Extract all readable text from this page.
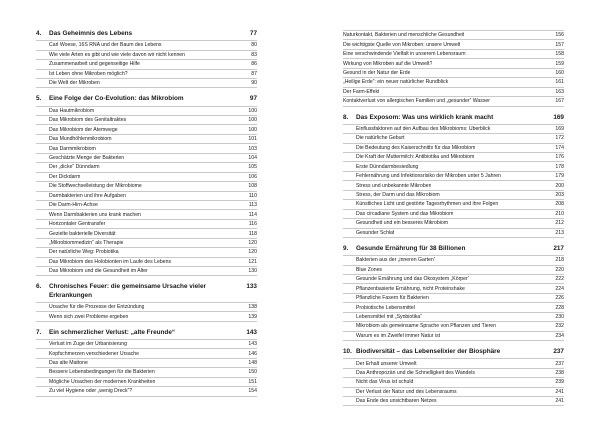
4.	Das Geheimnis des Lebens	77
Carl Woese, 16S RNA und der Baum des Lebens	80
Wie viele Arten es gibt und wie viele davon wir nicht kennen	83
Zusammenarbeit und gegenseitige Hilfe	86
Ist Leben ohne Mikroben möglich?	87
Die Welt der Mikroben	90
5.	Eine Folge der Co-Evolution: das Mikrobiom	97
Das Hautmikrobiom	100
Das Mikrobiom des Genitaltraktes	100
Das Mikrobiom der Atemwege	100
Das Mundhöhlenmikrobiom	101
Das Darmmikrobiom	103
Geschätzte Menge der Bakterien	104
Der „dicke“ Dünndarm	105
Der Dickdarm	106
Die Stoffwechselleistung der Mikrobiome	108
Darmbakterien und ihre Aufgaben	110
Die Darm-Hirn-Achse	113
Wenn Darmbakterien uns krank machen	114
Horizontaler Gentransfer	116
Gezielte bakterielle Diversität	118
„Mikrobiommedizin“ als Therapie	120
Der natürliche Weg: Probiotika	120
Das Mikrobiom des Holobionten im Laufe des Lebens	121
Das Mikrobiom und die Gesundheit im Alter	130
6.	Chronisches Feuer: die gemeinsame Ursache vieler Erkrankungen
133
Ursache für die Prozesse der Entzündung	138
Wenn sich zwei Probleme ergeben	139
7.	Ein schmerzlicher Verlust: „alte Freunde“	143
Verlust im Zuge der Urbanisierung	143
Kopfschmerzen verschiedener Ursache	146
Das alte Mattone	148
Bessere Lebensbedingungen für die Bakterien	150
Mögliche Ursachen der modernen Krankheiten	151
Zu viel Hygiene oder „wenig Dreck“?	154
Naturkontakt, Bakterien und menschliche Gesundheit	156
Die wichtigste Quelle von Mikroben: unsere Umwelt	157
Eine verschwindende Vielfalt in unserem Lebensraum	158
Wirkung von Mikroben auf die Umwelt?	159
Gesund in der Natur der Erde	160
„Heilige Erde“: ein neuer natürlicher Rundblick	161
Der Farm-Effekt	163
Kontaktverlust von allergischen Familien und „gesunder“ Wasser	167
8.	Das Exposom: Was uns wirklich krank macht	169
Einflussfaktoren auf den Aufbau des Mikrobioms: Überblick	169
Die natürliche Geburt	172
Die Bedeutung des Kaiserschnitts für das Mikrobiom	174
Die Kraft der Muttermilch: Antibiotika und Mikrobiom	176
Erste Dünndarmbesiedlung	178
Fehlernährung und Infektionsrisiko der Mikroben unter 5 Jahren	179
Stress und unbekannte Mikroben	200
Stress, der Darm und das Mikrobiom	203
Künstliches Licht und gestörte Tagesrhythmen und ihre Folgen	208
Das circadiane System und das Mikrobiom	210
Gesundheit und ein besseres Mikrobiom	212
Gesunder Schlaf	213
9.	Gesunde Ernährung für 38 Billionen	217
Bakterien aus der „inneren Garten“	218
Blue Zones	220
Gesunde Ernährung und das Ökosystem „Körper“	222
Pflanzenbasierte Ernährung, nicht Proteinshake	224
Pflanzliche Fasern für Bakterien	226
Probiotische Lebensmittel	228
Lebensmittel mit „Synbiotika“	230
Mikrobiom als gemeinsame Sprache von Pflanzen und Tieren	232
Warum es im Zweifel immer Natur ist	234
10. Biodiversität – das Lebenselixier der Biosphäre	237
Der Erhalt unserer Umwelt	237
Das Anthropozän und die Schnelligkeit des Wandels	238
Nicht das Virus ist schuld	239
Der Verlust der Natur und des Lebensraums	241
Das Ende des unsichtbaren Netzes	241
